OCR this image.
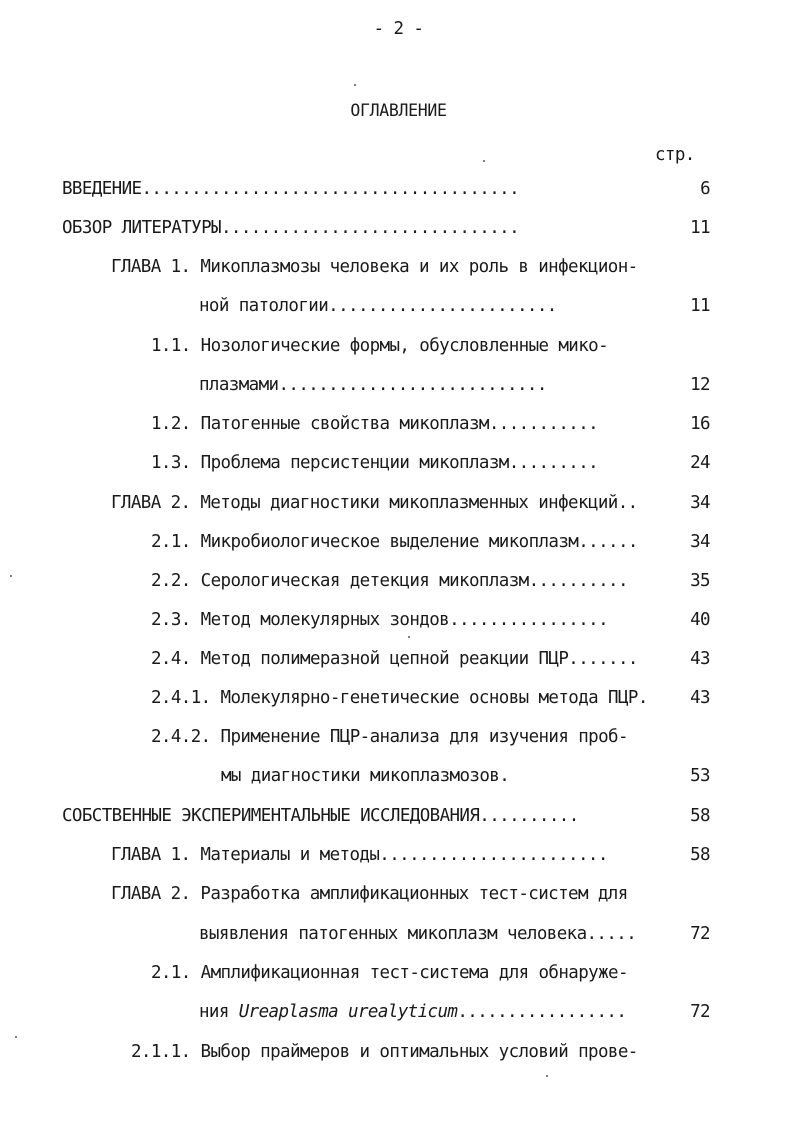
- 2 -
ОГЛАВЛЕНИЕ
стр.
ВВЕДЕНИЕ......................................	6
ОБЗОР ЛИТЕРАТУРЫ..............................	11
ГЛАВА 1. Микоплазмозы человека и их роль в инфекцион-
ной патологии.......................	11
1.1. Нозологические формы, обусловленные мико-
плазмами...........................	12
1.2. Патогенные свойства микоплазм...........	16
1.3. Проблема персистенции микоплазм.........	24
ГЛАВА 2. Методы диагностики микоплазменных инфекций..	34
2.1. Микробиологическое выделение микоплазм......	34
2.2. Серологическая детекция микоплазм..........	35
2.3. Метод молекулярных зондов................	40
2.4. Метод полимеразной цепной реакции ПЦР.......	43
2.4.1. Молекулярно-генетические основы метода ПЦР.	43
2.4.2. Применение ПЦР-анализа для изучения проб-
мы диагностики микоплазмозов.	53
СОБСТВЕННЫЕ ЭКСПЕРИМЕНТАЛЬНЫЕ ИССЛЕДОВАНИЯ..........	58
ГЛАВА 1. Материалы и методы.......................	58
ГЛАВА 2. Разработка амплификационных тест-систем для
выявления патогенных микоплазм человека.....	72
2.1. Амплификационная тест-система для обнаруже-
ния Ureaplasma urealyticum.................	72
2.1.1. Выбор праймеров и оптимальных условий прове-
